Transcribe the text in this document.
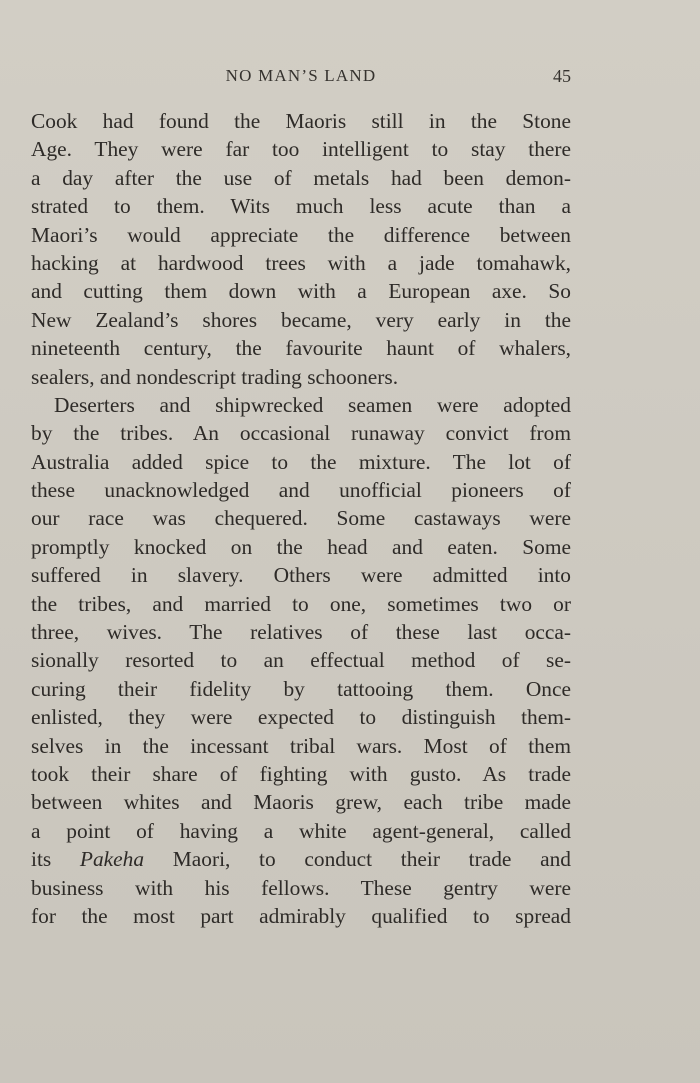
NO MAN’S LAND	45
Cook had found the Maoris still in the Stone
Age. They were far too intelligent to stay there
a day after the use of metals had been demon-
strated to them. Wits much less acute than a
Maori’s would appreciate the difference between
hacking at hardwood trees with a jade tomahawk,
and cutting them down with a European axe. So
New Zealand’s shores became, very early in the
nineteenth century, the favourite haunt of whalers,
sealers, and nondescript trading schooners.
Deserters and shipwrecked seamen were adopted
by the tribes. An occasional runaway convict from
Australia added spice to the mixture. The lot of
these unacknowledged and unofficial pioneers of
our race was chequered. Some castaways were
promptly knocked on the head and eaten. Some
suffered in slavery. Others were admitted into
the tribes, and married to one, sometimes two or
three, wives. The relatives of these last occa-
sionally resorted to an effectual method of se-
curing their fidelity by tattooing them. Once
enlisted, they were expected to distinguish them-
selves in the incessant tribal wars. Most of them
took their share of fighting with gusto. As trade
between whites and Maoris grew, each tribe made
a point of having a white agent-general, called
its Pakeha Maori, to conduct their trade and
business with his fellows. These gentry were
for the most part admirably qualified to spread
